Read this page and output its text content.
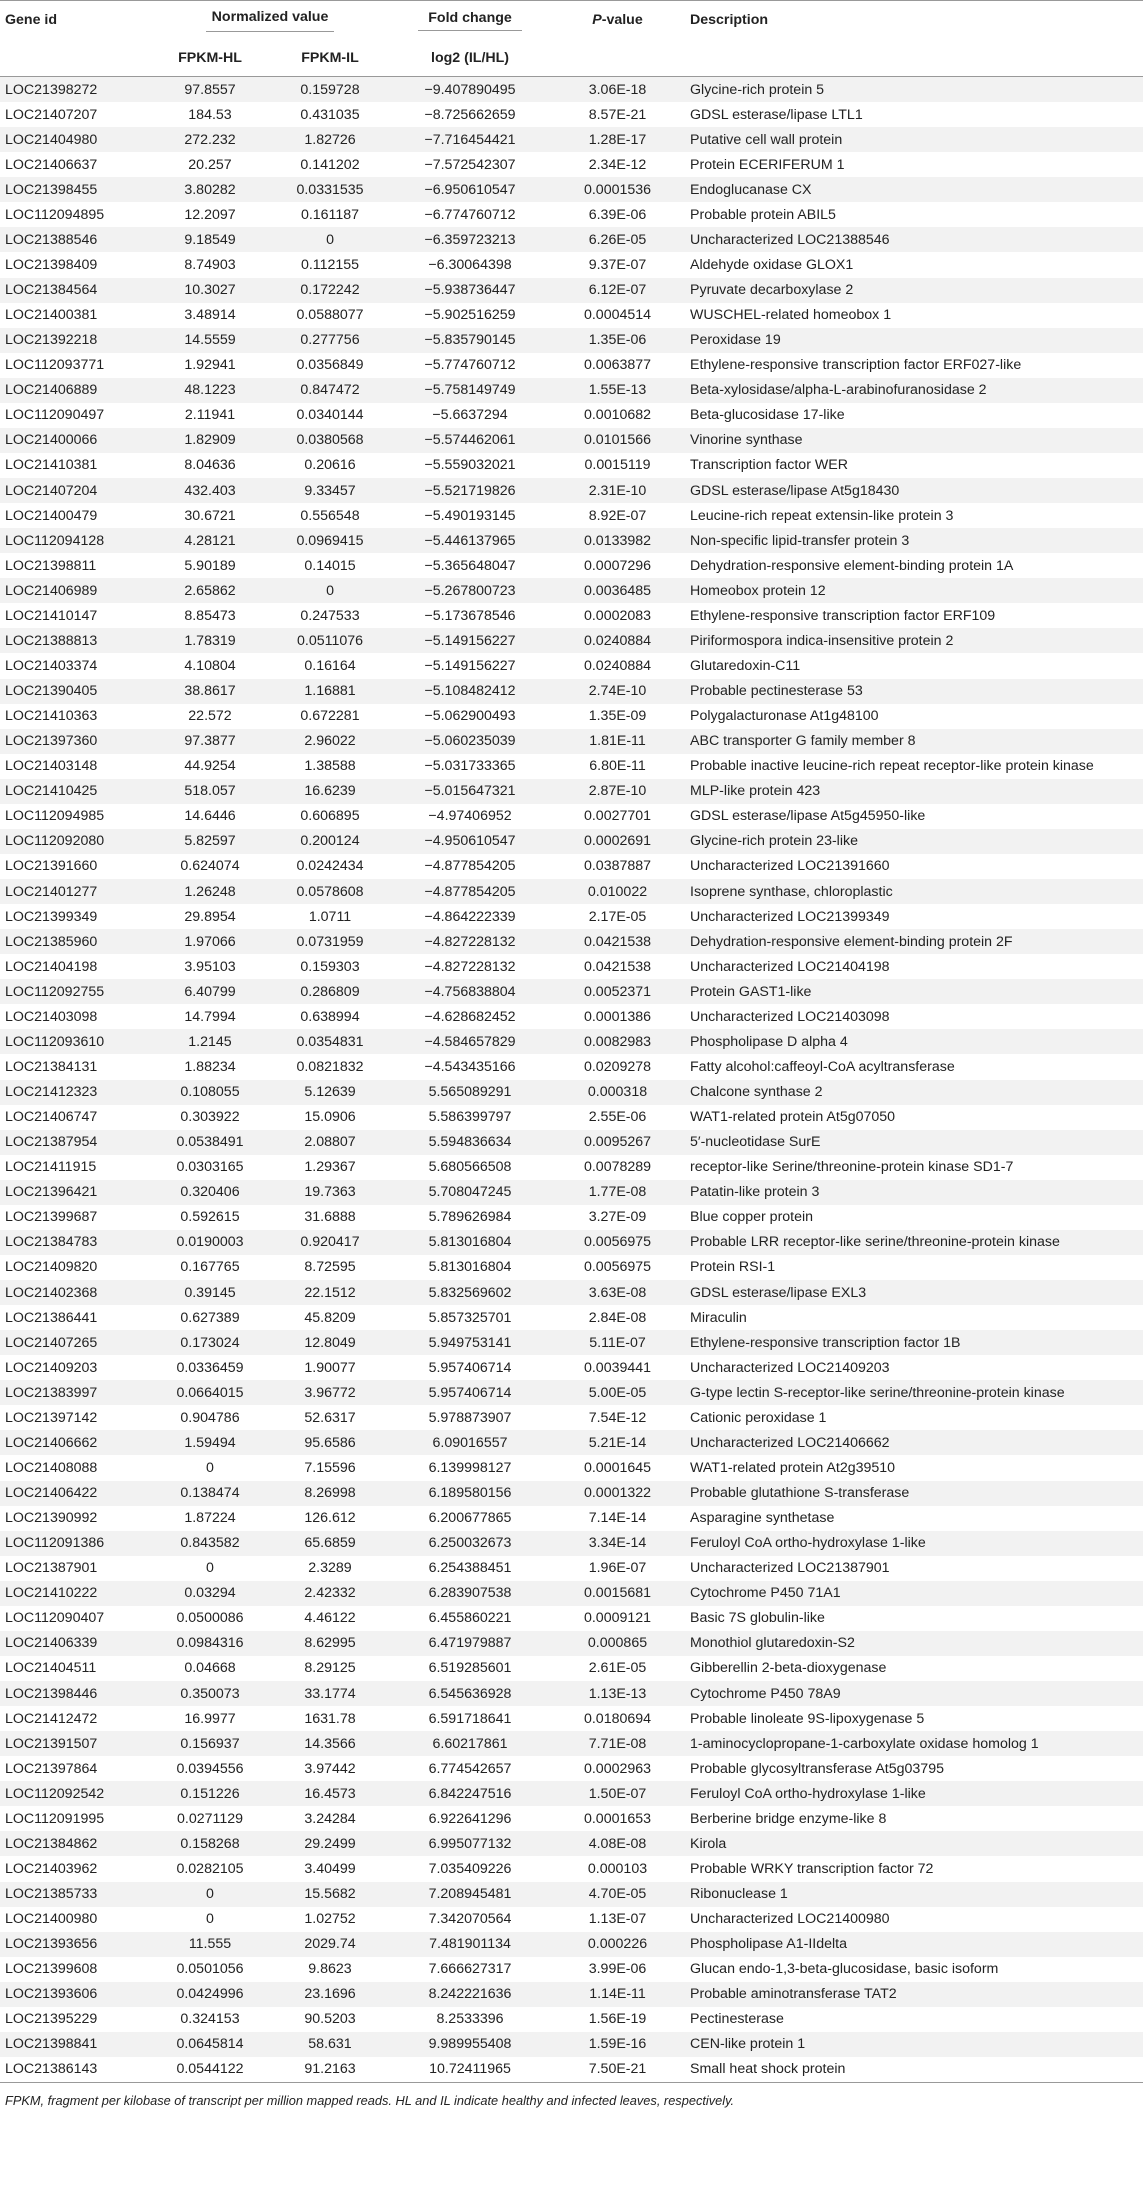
Gene id	Normalized value		Fold change	P-value	Description
	FPKM-HL	FPKM-IL	log2 (IL/HL)		
LOC21398272	97.8557	0.159728	−9.407890495	3.06E-18	Glycine-rich protein 5
LOC21407207	184.53	0.431035	−8.725662659	8.57E-21	GDSL esterase/lipase LTL1
LOC21404980	272.232	1.82726	−7.716454421	1.28E-17	Putative cell wall protein
LOC21406637	20.257	0.141202	−7.572542307	2.34E-12	Protein ECERIFERUM 1
LOC21398455	3.80282	0.0331535	−6.950610547	0.0001536	Endoglucanase CX
LOC112094895	12.2097	0.161187	−6.774760712	6.39E-06	Probable protein ABIL5
LOC21388546	9.18549	0	−6.359723213	6.26E-05	Uncharacterized LOC21388546
LOC21398409	8.74903	0.112155	−6.30064398	9.37E-07	Aldehyde oxidase GLOX1
LOC21384564	10.3027	0.172242	−5.938736447	6.12E-07	Pyruvate decarboxylase 2
LOC21400381	3.48914	0.0588077	−5.902516259	0.0004514	WUSCHEL-related homeobox 1
LOC21392218	14.5559	0.277756	−5.835790145	1.35E-06	Peroxidase 19
LOC112093771	1.92941	0.0356849	−5.774760712	0.0063877	Ethylene-responsive transcription factor ERF027-like
LOC21406889	48.1223	0.847472	−5.758149749	1.55E-13	Beta-xylosidase/alpha-L-arabinofuranosidase 2
LOC112090497	2.11941	0.0340144	−5.6637294	0.0010682	Beta-glucosidase 17-like
LOC21400066	1.82909	0.0380568	−5.574462061	0.0101566	Vinorine synthase
LOC21410381	8.04636	0.20616	−5.559032021	0.0015119	Transcription factor WER
LOC21407204	432.403	9.33457	−5.521719826	2.31E-10	GDSL esterase/lipase At5g18430
LOC21400479	30.6721	0.556548	−5.490193145	8.92E-07	Leucine-rich repeat extensin-like protein 3
LOC112094128	4.28121	0.0969415	−5.446137965	0.0133982	Non-specific lipid-transfer protein 3
LOC21398811	5.90189	0.14015	−5.365648047	0.0007296	Dehydration-responsive element-binding protein 1A
LOC21406989	2.65862	0	−5.267800723	0.0036485	Homeobox protein 12
LOC21410147	8.85473	0.247533	−5.173678546	0.0002083	Ethylene-responsive transcription factor ERF109
LOC21388813	1.78319	0.0511076	−5.149156227	0.0240884	Piriformospora indica-insensitive protein 2
LOC21403374	4.10804	0.16164	−5.149156227	0.0240884	Glutaredoxin-C11
LOC21390405	38.8617	1.16881	−5.108482412	2.74E-10	Probable pectinesterase 53
LOC21410363	22.572	0.672281	−5.062900493	1.35E-09	Polygalacturonase At1g48100
LOC21397360	97.3877	2.96022	−5.060235039	1.81E-11	ABC transporter G family member 8
LOC21403148	44.9254	1.38588	−5.031733365	6.80E-11	Probable inactive leucine-rich repeat receptor-like protein kinase
LOC21410425	518.057	16.6239	−5.015647321	2.87E-10	MLP-like protein 423
LOC112094985	14.6446	0.606895	−4.97406952	0.0027701	GDSL esterase/lipase At5g45950-like
LOC112092080	5.82597	0.200124	−4.950610547	0.0002691	Glycine-rich protein 23-like
LOC21391660	0.624074	0.0242434	−4.877854205	0.0387887	Uncharacterized LOC21391660
LOC21401277	1.26248	0.0578608	−4.877854205	0.010022	Isoprene synthase, chloroplastic
LOC21399349	29.8954	1.0711	−4.864222339	2.17E-05	Uncharacterized LOC21399349
LOC21385960	1.97066	0.0731959	−4.827228132	0.0421538	Dehydration-responsive element-binding protein 2F
LOC21404198	3.95103	0.159303	−4.827228132	0.0421538	Uncharacterized LOC21404198
LOC112092755	6.40799	0.286809	−4.756838804	0.0052371	Protein GAST1-like
LOC21403098	14.7994	0.638994	−4.628682452	0.0001386	Uncharacterized LOC21403098
LOC112093610	1.2145	0.0354831	−4.584657829	0.0082983	Phospholipase D alpha 4
LOC21384131	1.88234	0.0821832	−4.543435166	0.0209278	Fatty alcohol:caffeoyl-CoA acyltransferase
LOC21412323	0.108055	5.12639	5.565089291	0.000318	Chalcone synthase 2
LOC21406747	0.303922	15.0906	5.586399797	2.55E-06	WAT1-related protein At5g07050
LOC21387954	0.0538491	2.08807	5.594836634	0.0095267	5′-nucleotidase SurE
LOC21411915	0.0303165	1.29367	5.680566508	0.0078289	receptor-like Serine/threonine-protein kinase SD1-7
LOC21396421	0.320406	19.7363	5.708047245	1.77E-08	Patatin-like protein 3
LOC21399687	0.592615	31.6888	5.789626984	3.27E-09	Blue copper protein
LOC21384783	0.0190003	0.920417	5.813016804	0.0056975	Probable LRR receptor-like serine/threonine-protein kinase
LOC21409820	0.167765	8.72595	5.813016804	0.0056975	Protein RSI-1
LOC21402368	0.39145	22.1512	5.832569602	3.63E-08	GDSL esterase/lipase EXL3
LOC21386441	0.627389	45.8209	5.857325701	2.84E-08	Miraculin
LOC21407265	0.173024	12.8049	5.949753141	5.11E-07	Ethylene-responsive transcription factor 1B
LOC21409203	0.0336459	1.90077	5.957406714	0.0039441	Uncharacterized LOC21409203
LOC21383997	0.0664015	3.96772	5.957406714	5.00E-05	G-type lectin S-receptor-like serine/threonine-protein kinase
LOC21397142	0.904786	52.6317	5.978873907	7.54E-12	Cationic peroxidase 1
LOC21406662	1.59494	95.6586	6.09016557	5.21E-14	Uncharacterized LOC21406662
LOC21408088	0	7.15596	6.139998127	0.0001645	WAT1-related protein At2g39510
LOC21406422	0.138474	8.26998	6.189580156	0.0001322	Probable glutathione S-transferase
LOC21390992	1.87224	126.612	6.200677865	7.14E-14	Asparagine synthetase
LOC112091386	0.843582	65.6859	6.250032673	3.34E-14	Feruloyl CoA ortho-hydroxylase 1-like
LOC21387901	0	2.3289	6.254388451	1.96E-07	Uncharacterized LOC21387901
LOC21410222	0.03294	2.42332	6.283907538	0.0015681	Cytochrome P450 71A1
LOC112090407	0.0500086	4.46122	6.455860221	0.0009121	Basic 7S globulin-like
LOC21406339	0.0984316	8.62995	6.471979887	0.000865	Monothiol glutaredoxin-S2
LOC21404511	0.04668	8.29125	6.519285601	2.61E-05	Gibberellin 2-beta-dioxygenase
LOC21398446	0.350073	33.1774	6.545636928	1.13E-13	Cytochrome P450 78A9
LOC21412472	16.9977	1631.78	6.591718641	0.0180694	Probable linoleate 9S-lipoxygenase 5
LOC21391507	0.156937	14.3566	6.60217861	7.71E-08	1-aminocyclopropane-1-carboxylate oxidase homolog 1
LOC21397864	0.0394556	3.97442	6.774542657	0.0002963	Probable glycosyltransferase At5g03795
LOC112092542	0.151226	16.4573	6.842247516	1.50E-07	Feruloyl CoA ortho-hydroxylase 1-like
LOC112091995	0.0271129	3.24284	6.922641296	0.0001653	Berberine bridge enzyme-like 8
LOC21384862	0.158268	29.2499	6.995077132	4.08E-08	Kirola
LOC21403962	0.0282105	3.40499	7.035409226	0.000103	Probable WRKY transcription factor 72
LOC21385733	0	15.5682	7.208945481	4.70E-05	Ribonuclease 1
LOC21400980	0	1.02752	7.342070564	1.13E-07	Uncharacterized LOC21400980
LOC21393656	11.555	2029.74	7.481901134	0.000226	Phospholipase A1-IIdelta
LOC21399608	0.0501056	9.8623	7.666627317	3.99E-06	Glucan endo-1,3-beta-glucosidase, basic isoform
LOC21393606	0.0424996	23.1696	8.242221636	1.14E-11	Probable aminotransferase TAT2
LOC21395229	0.324153	90.5203	8.2533396	1.56E-19	Pectinesterase
LOC21398841	0.0645814	58.631	9.989955408	1.59E-16	CEN-like protein 1
LOC21386143	0.0544122	91.2163	10.72411965	7.50E-21	Small heat shock protein
FPKM, fragment per kilobase of transcript per million mapped reads. HL and IL indicate healthy and infected leaves, respectively.
